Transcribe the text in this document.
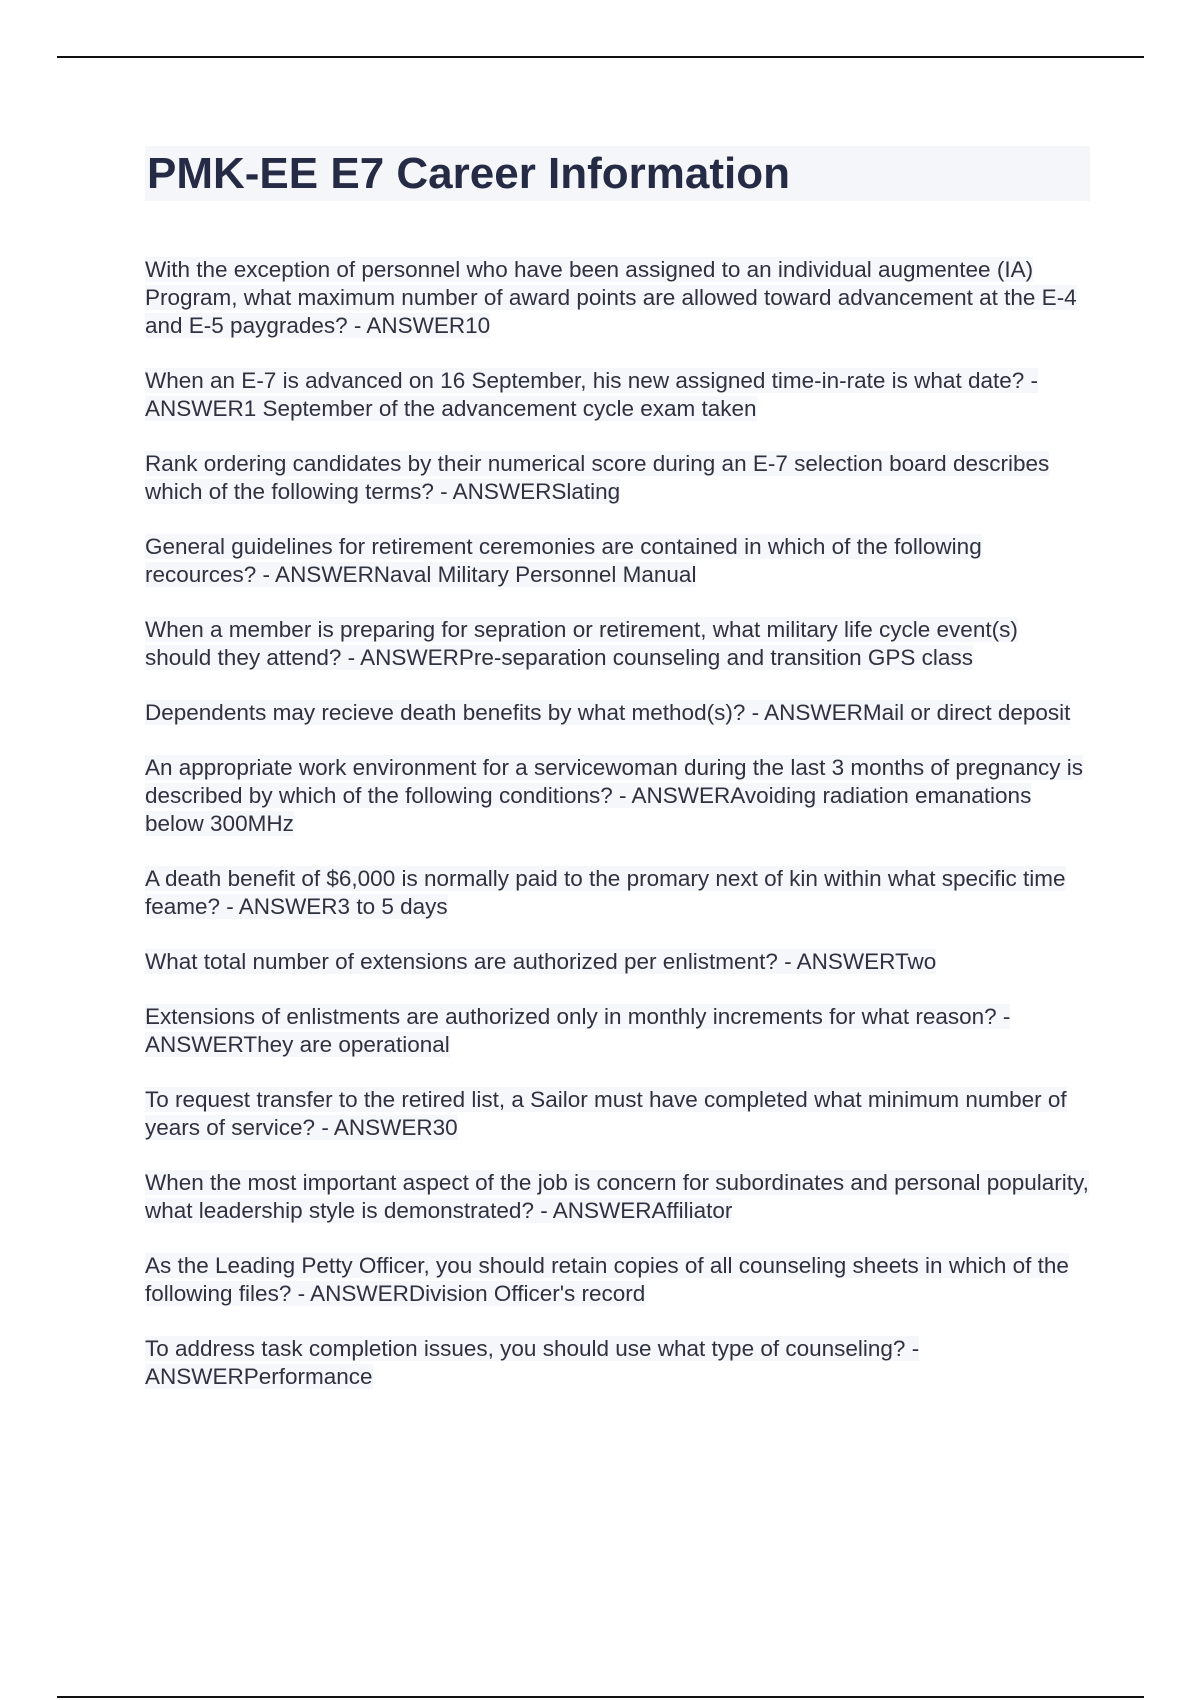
PMK-EE E7 Career Information

With the exception of personnel who have been assigned to an individual augmentee (IA) Program, what maximum number of award points are allowed toward advancement at the E-4 and E-5 paygrades? - ANSWER10

When an E-7 is advanced on 16 September, his new assigned time-in-rate is what date? - ANSWER1 September of the advancement cycle exam taken

Rank ordering candidates by their numerical score during an E-7 selection board describes which of the following terms? - ANSWERSlating

General guidelines for retirement ceremonies are contained in which of the following recources? - ANSWERNaval Military Personnel Manual

When a member is preparing for sepration or retirement, what military life cycle event(s) should they attend? - ANSWERPre-separation counseling and transition GPS class

Dependents may recieve death benefits by what method(s)? - ANSWERMail or direct deposit

An appropriate work environment for a servicewoman during the last 3 months of pregnancy is described by which of the following conditions? - ANSWERAvoiding radiation emanations below 300MHz

A death benefit of $6,000 is normally paid to the promary next of kin within what specific time feame? - ANSWER3 to 5 days

What total number of extensions are authorized per enlistment? - ANSWERTwo

Extensions of enlistments are authorized only in monthly increments for what reason? - ANSWERThey are operational

To request transfer to the retired list, a Sailor must have completed what minimum number of years of service? - ANSWER30

When the most important aspect of the job is concern for subordinates and personal popularity, what leadership style is demonstrated? - ANSWERAffiliator

As the Leading Petty Officer, you should retain copies of all counseling sheets in which of the following files? - ANSWERDivision Officer's record

To address task completion issues, you should use what type of counseling? - ANSWERPerformance
